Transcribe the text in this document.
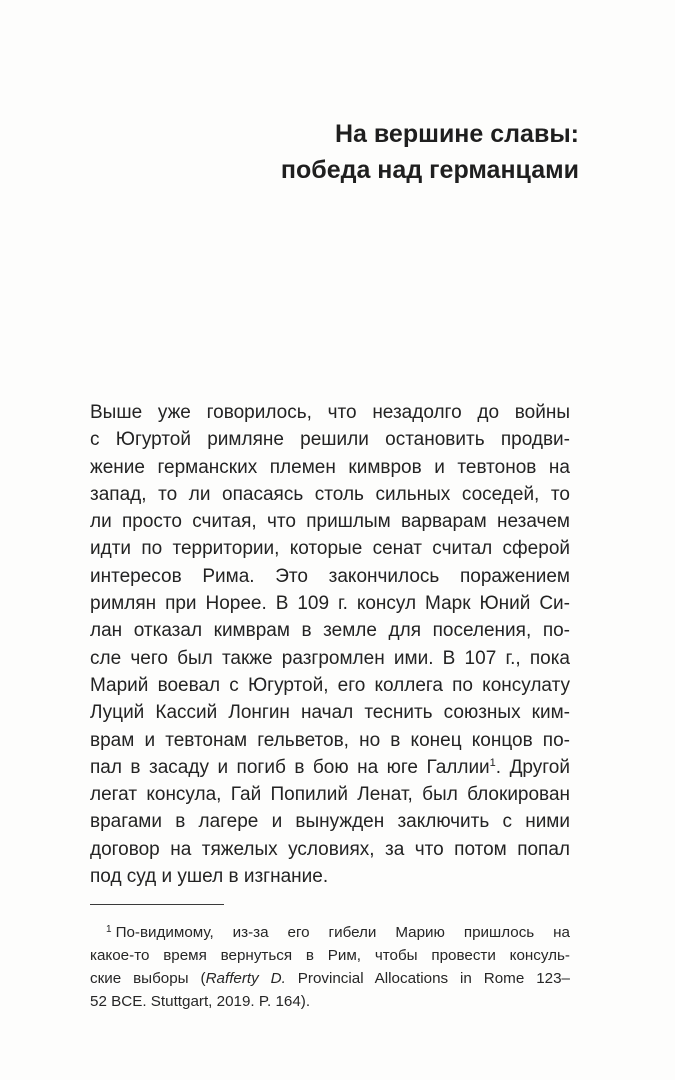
На вершине славы:
победа над германцами
Выше уже говорилось, что незадолго до войны
с Югуртой римляне решили остановить продви-
жение германских племен кимвров и тевтонов на
запад, то ли опасаясь столь сильных соседей, то
ли просто считая, что пришлым варварам незачем
идти по территории, которые сенат считал сферой
интересов Рима. Это закончилось поражением
римлян при Норее. В 109 г. консул Марк Юний Си-
лан отказал кимврам в земле для поселения, по-
сле чего был также разгромлен ими. В 107 г., пока
Марий воевал с Югуртой, его коллега по консулату
Луций Кассий Лонгин начал теснить союзных ким-
врам и тевтонам гельветов, но в конец концов по-
пал в засаду и погиб в бою на юге Галлии$^1$. Другой
легат консула, Гай Попилий Ленат, был блокирован
врагами в лагере и вынужден заключить с ними
договор на тяжелых условиях, за что потом попал
под суд и ушел в изгнание.
$^1$ По-видимому, из-за его гибели Марию пришлось на
какое-то время вернуться в Рим, чтобы провести консуль-
ские выборы (Rafferty D. Provincial Allocations in Rome 123–
52 BCE. Stuttgart, 2019. P. 164).
